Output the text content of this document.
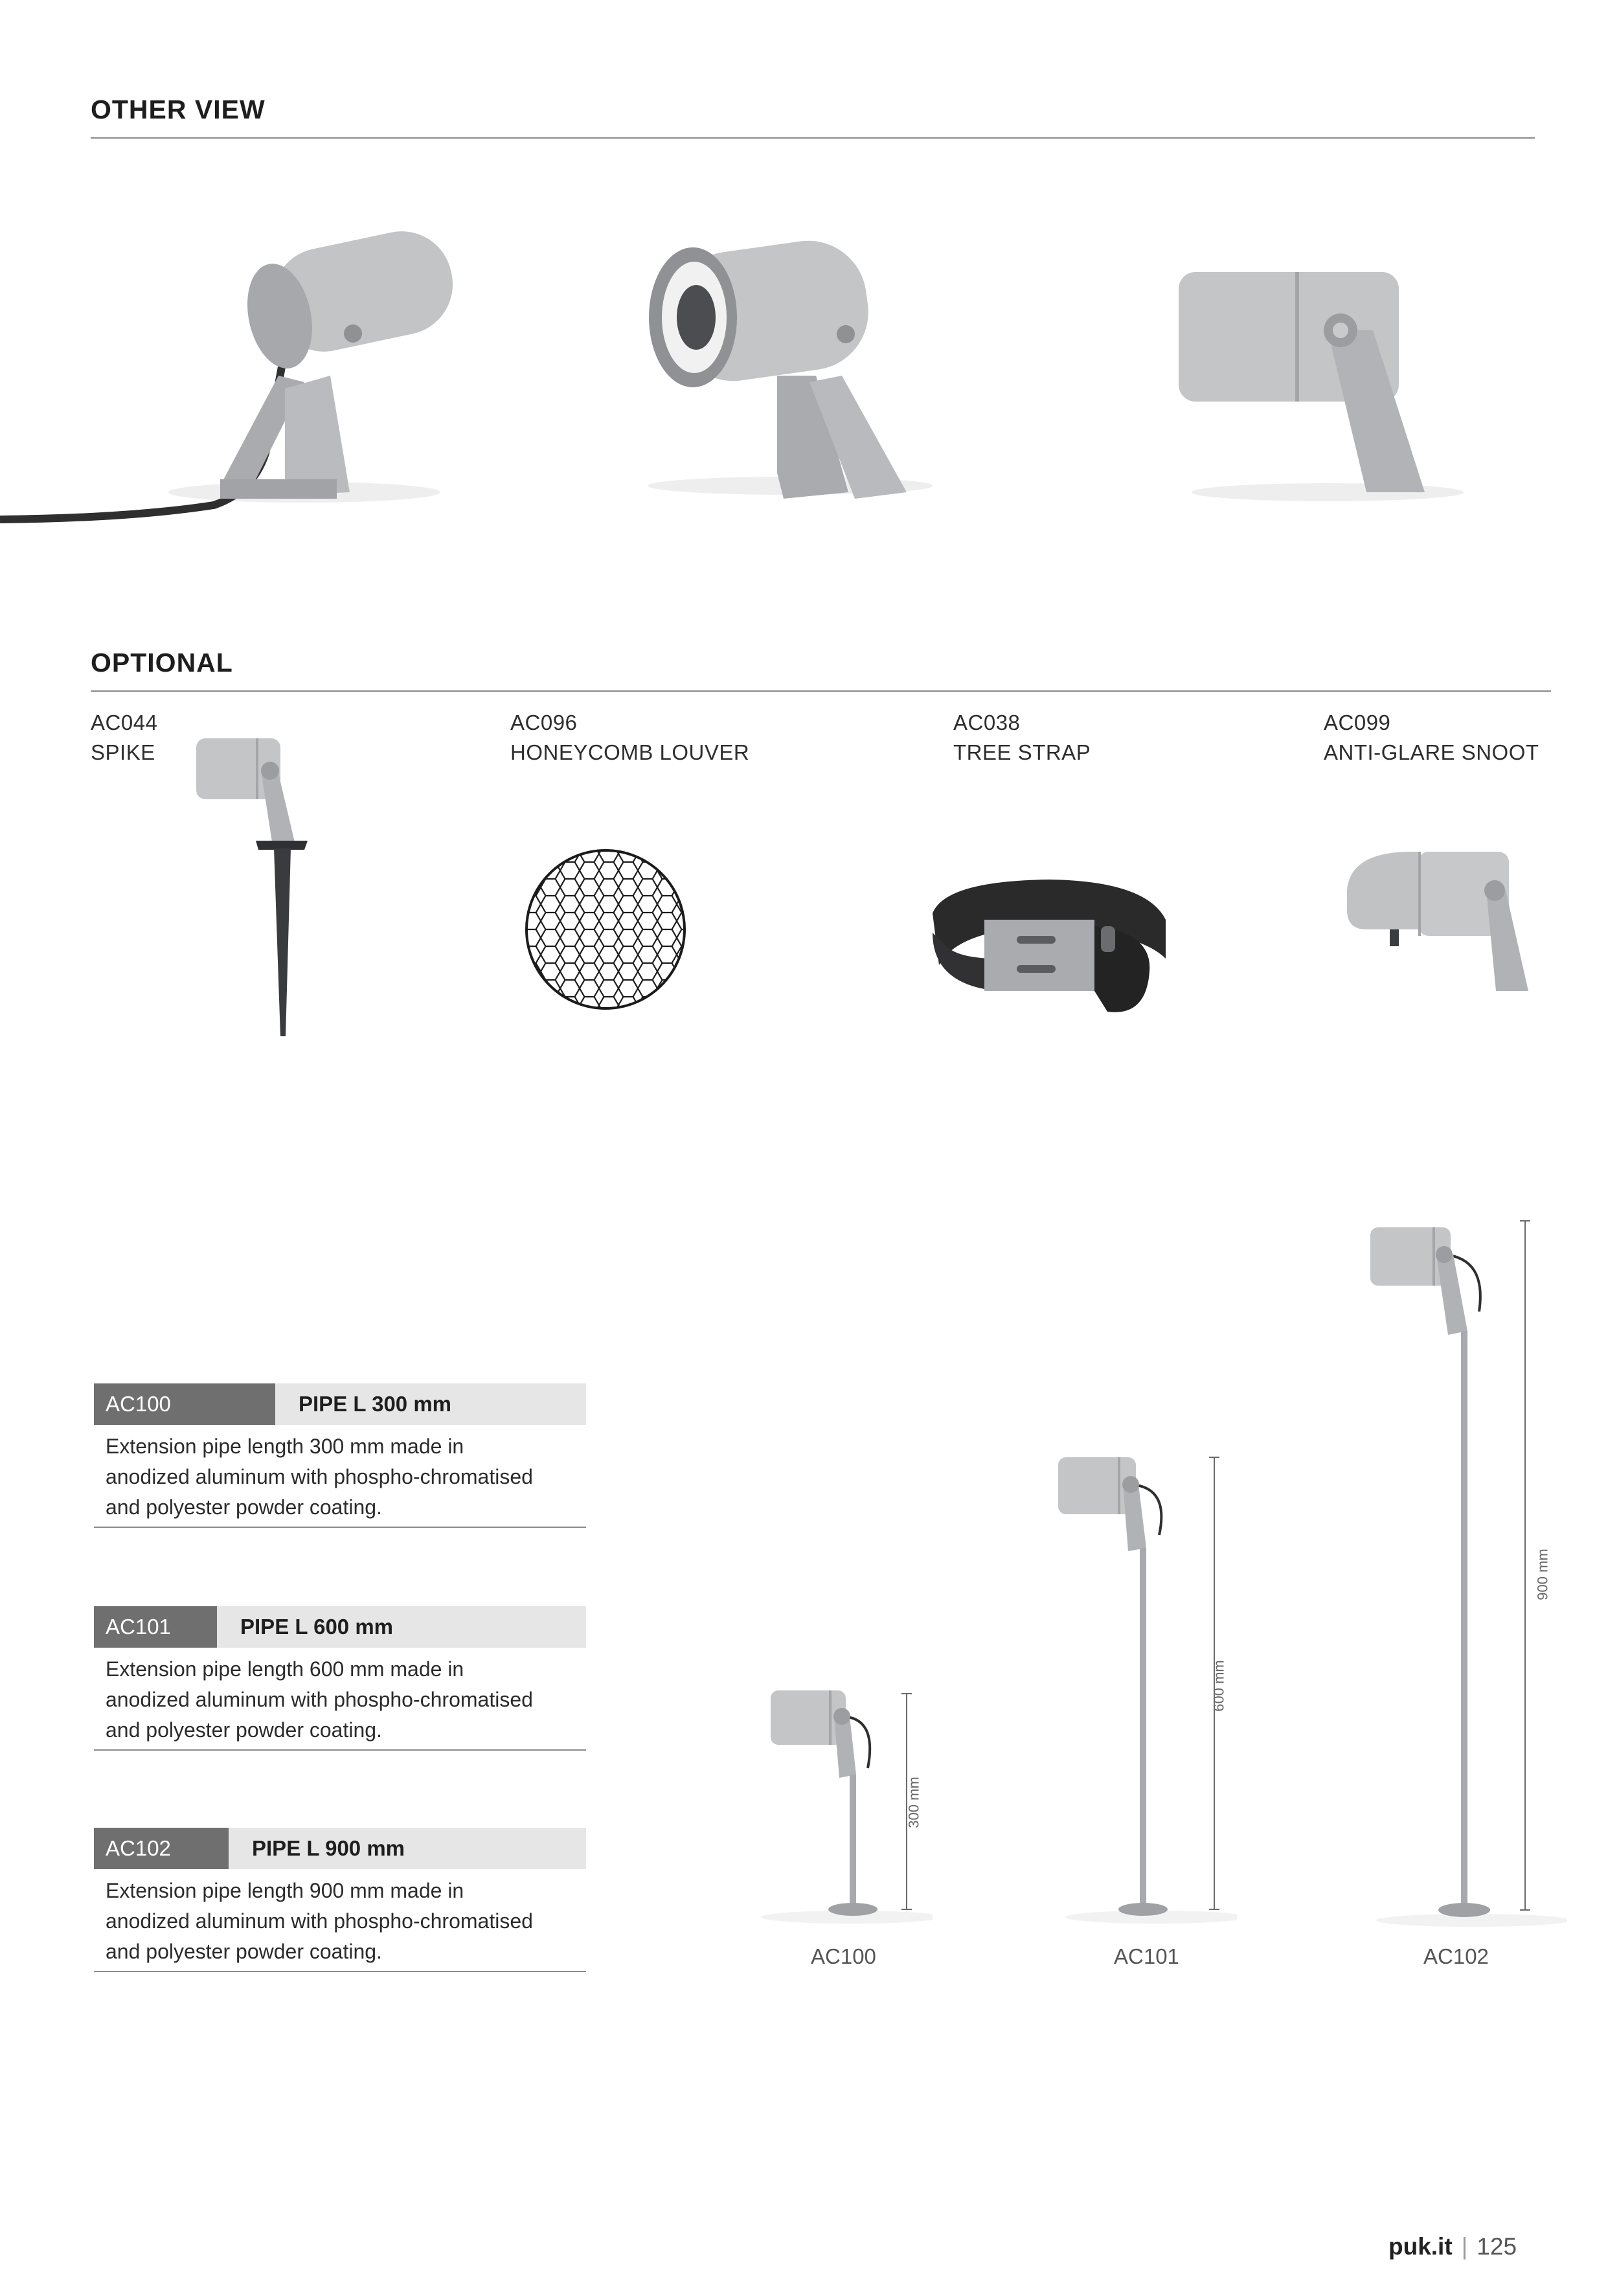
OTHER VIEW
OPTIONAL
AC044
SPIKE
AC096
HONEYCOMB LOUVER
AC038
TREE STRAP
AC099
ANTI-GLARE SNOOT
AC100	PIPE L 300 mm
Extension pipe length 300 mm made in
anodized aluminum with phospho-chromatised
and polyester powder coating.
AC101	PIPE L 600 mm
Extension pipe length 600 mm made in
anodized aluminum with phospho-chromatised
and polyester powder coating.
AC102	PIPE L 900 mm
Extension pipe length 900 mm made in
anodized aluminum with phospho-chromatised
and polyester powder coating.
300 mm
AC100
600 mm
AC101
900 mm
AC102
puk.it | 125
